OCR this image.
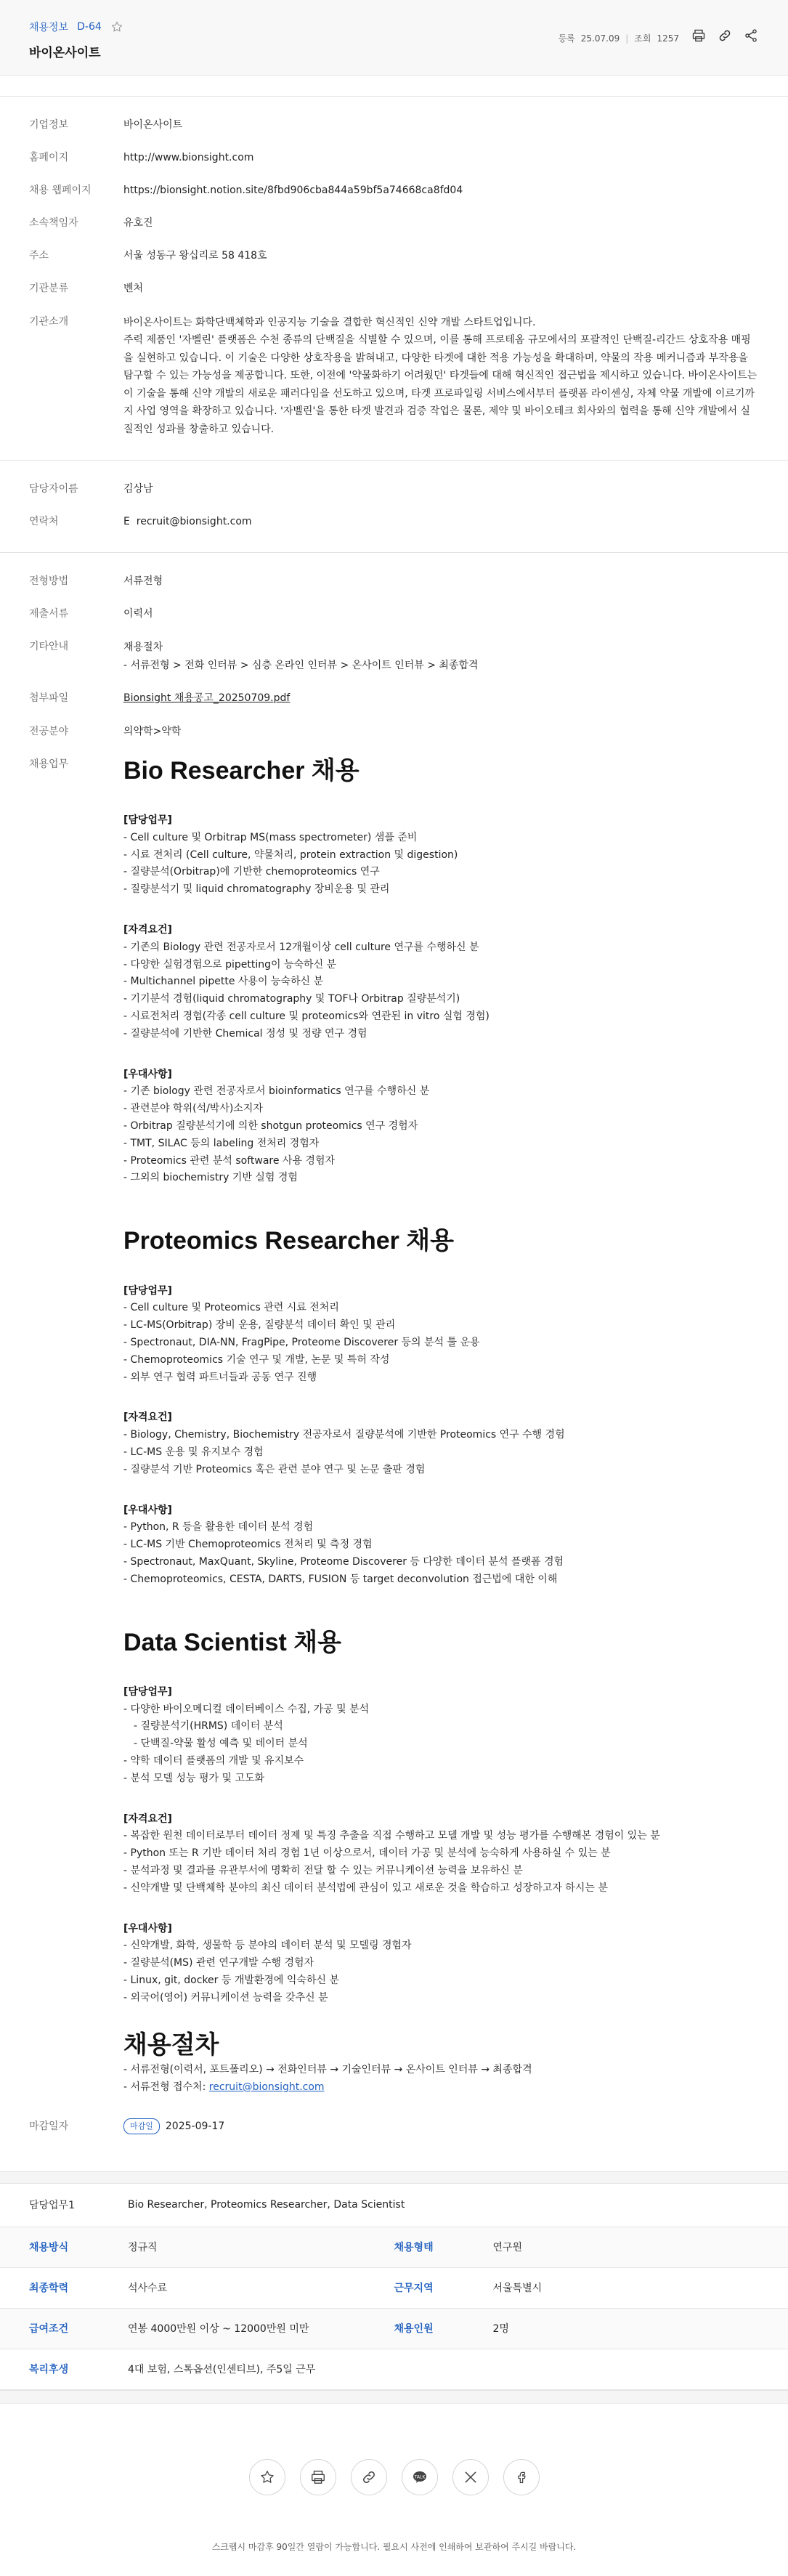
채용정보 D-64
바이온사이트
등록 25.07.09 | 조회 1257
기업정보	바이온사이트
홈페이지	http://www.bionsight.com
채용 웹페이지	https://bionsight.notion.site/8fbd906cba844a59bf5a74668ca8fd04
소속책임자	유호진
주소	서울 성동구 왕십리로 58 418호
기관분류	벤처
기관소개	바이온사이트는 화학단백체학과 인공지능 기술을 결합한 혁신적인 신약 개발 스타트업입니다.
주력 제품인 '자벨린' 플랫폼은 수천 종류의 단백질을 식별할 수 있으며, 이를 통해 프로테옴 규모에서의 포괄적인 단백질-리간드 상호작용 매핑을 실현하고 있습니다. 이 기술은 다양한 상호작용을 밝혀내고, 다양한 타겟에 대한 적용 가능성을 확대하며, 약물의 작용 메커니즘과 부작용을 탐구할 수 있는 가능성을 제공합니다. 또한, 이전에 '약물화하기 어려웠던' 타겟들에 대해 혁신적인 접근법을 제시하고 있습니다. 바이온사이트는 이 기술을 통해 신약 개발의 새로운 패러다임을 선도하고 있으며, 타겟 프로파일링 서비스에서부터 플랫폼 라이센싱, 자체 약물 개발에 이르기까지 사업 영역을 확장하고 있습니다. '자벨린'을 통한 타겟 발견과 검증 작업은 물론, 제약 및 바이오테크 회사와의 협력을 통해 신약 개발에서 실질적인 성과를 창출하고 있습니다.
담당자이름	김상남
연락처	E recruit@bionsight.com
전형방법	서류전형
제출서류	이력서
기타안내	채용절차
- 서류전형 > 전화 인터뷰 > 심층 온라인 인터뷰 > 온사이트 인터뷰 > 최종합격
첨부파일	Bionsight 채용공고_20250709.pdf
전공분야	의약학>약학
채용업무	Bio Researcher 채용
[담당업무]
- Cell culture 및 Orbitrap MS(mass spectrometer) 샘플 준비
- 시료 전처리 (Cell culture, 약물처리, protein extraction 및 digestion)
- 질량분석(Orbitrap)에 기반한 chemoproteomics 연구
- 질량분석기 및 liquid chromatography 장비운용 및 관리
[자격요건]
- 기존의 Biology 관련 전공자로서 12개월이상 cell culture 연구를 수행하신 분
- 다양한 실험경험으로 pipetting이 능숙하신 분
- Multichannel pipette 사용이 능숙하신 분
- 기기분석 경험(liquid chromatography 및 TOF나 Orbitrap 질량분석기)
- 시료전처리 경험(각종 cell culture 및 proteomics와 연관된 in vitro 실험 경험)
- 질량분석에 기반한 Chemical 정성 및 정량 연구 경험
[우대사항]
- 기존 biology 관련 전공자로서 bioinformatics 연구를 수행하신 분
- 관련분야 학위(석/박사)소지자
- Orbitrap 질량분석기에 의한 shotgun proteomics 연구 경험자
- TMT, SILAC 등의 labeling 전처리 경험자
- Proteomics 관련 분석 software 사용 경험자
- 그외의 biochemistry 기반 실험 경험
Proteomics Researcher 채용
[담당업무]
- Cell culture 및 Proteomics 관련 시료 전처리
- LC-MS(Orbitrap) 장비 운용, 질량분석 데이터 확인 및 관리
- Spectronaut, DIA-NN, FragPipe, Proteome Discoverer 등의 분석 툴 운용
- Chemoproteomics 기술 연구 및 개발, 논문 및 특허 작성
- 외부 연구 협력 파트너들과 공동 연구 진행
[자격요건]
- Biology, Chemistry, Biochemistry 전공자로서 질량분석에 기반한 Proteomics 연구 수행 경험
- LC-MS 운용 및 유지보수 경험
- 질량분석 기반 Proteomics 혹은 관련 분야 연구 및 논문 출판 경험
[우대사항]
- Python, R 등을 활용한 데이터 분석 경험
- LC-MS 기반 Chemoproteomics 전처리 및 측정 경험
- Spectronaut, MaxQuant, Skyline, Proteome Discoverer 등 다양한 데이터 분석 플랫폼 경험
- Chemoproteomics, CESTA, DARTS, FUSION 등 target deconvolution 접근법에 대한 이해
Data Scientist 채용
[담당업무]
- 다양한 바이오메디컬 데이터베이스 수집, 가공 및 분석
- 질량분석기(HRMS) 데이터 분석
- 단백질-약물 활성 예측 및 데이터 분석
- 약학 데이터 플랫폼의 개발 및 유지보수
- 분석 모델 성능 평가 및 고도화
[자격요건]
- 복잡한 원천 데이터로부터 데이터 정제 및 특징 추출을 직접 수행하고 모델 개발 및 성능 평가를 수행해본 경험이 있는 분
- Python 또는 R 기반 데이터 처리 경험 1년 이상으로서, 데이터 가공 및 분석에 능숙하게 사용하실 수 있는 분
- 분석과정 및 결과를 유관부서에 명확히 전달 할 수 있는 커뮤니케이션 능력을 보유하신 분
- 신약개발 및 단백체학 분야의 최신 데이터 분석법에 관심이 있고 새로운 것을 학습하고 성장하고자 하시는 분
[우대사항]
- 신약개발, 화학, 생물학 등 분야의 데이터 분석 및 모델링 경험자
- 질량분석(MS) 관련 연구개발 수행 경험자
- Linux, git, docker 등 개발환경에 익숙하신 분
- 외국어(영어) 커뮤니케이션 능력을 갖추신 분
채용절차
- 서류전형(이력서, 포트폴리오) → 전화인터뷰 → 기술인터뷰 → 온사이트 인터뷰 → 최종합격
- 서류전형 접수처: recruit@bionsight.com
마감일자	마감일 2025-09-17
담당업무1	Bio Researcher, Proteomics Researcher, Data Scientist
채용방식	정규직	채용형태	연구원
최종학력	석사수료	근무지역	서울특별시
급여조건	연봉 4000만원 이상 ~ 12000만원 미만	채용인원	2명
복리후생	4대 보험, 스톡옵션(인센티브), 주5일 근무
TALK
스크랩시 마감후 90일간 열람이 가능합니다. 필요시 사전에 인쇄하여 보관하여 주시길 바랍니다.
